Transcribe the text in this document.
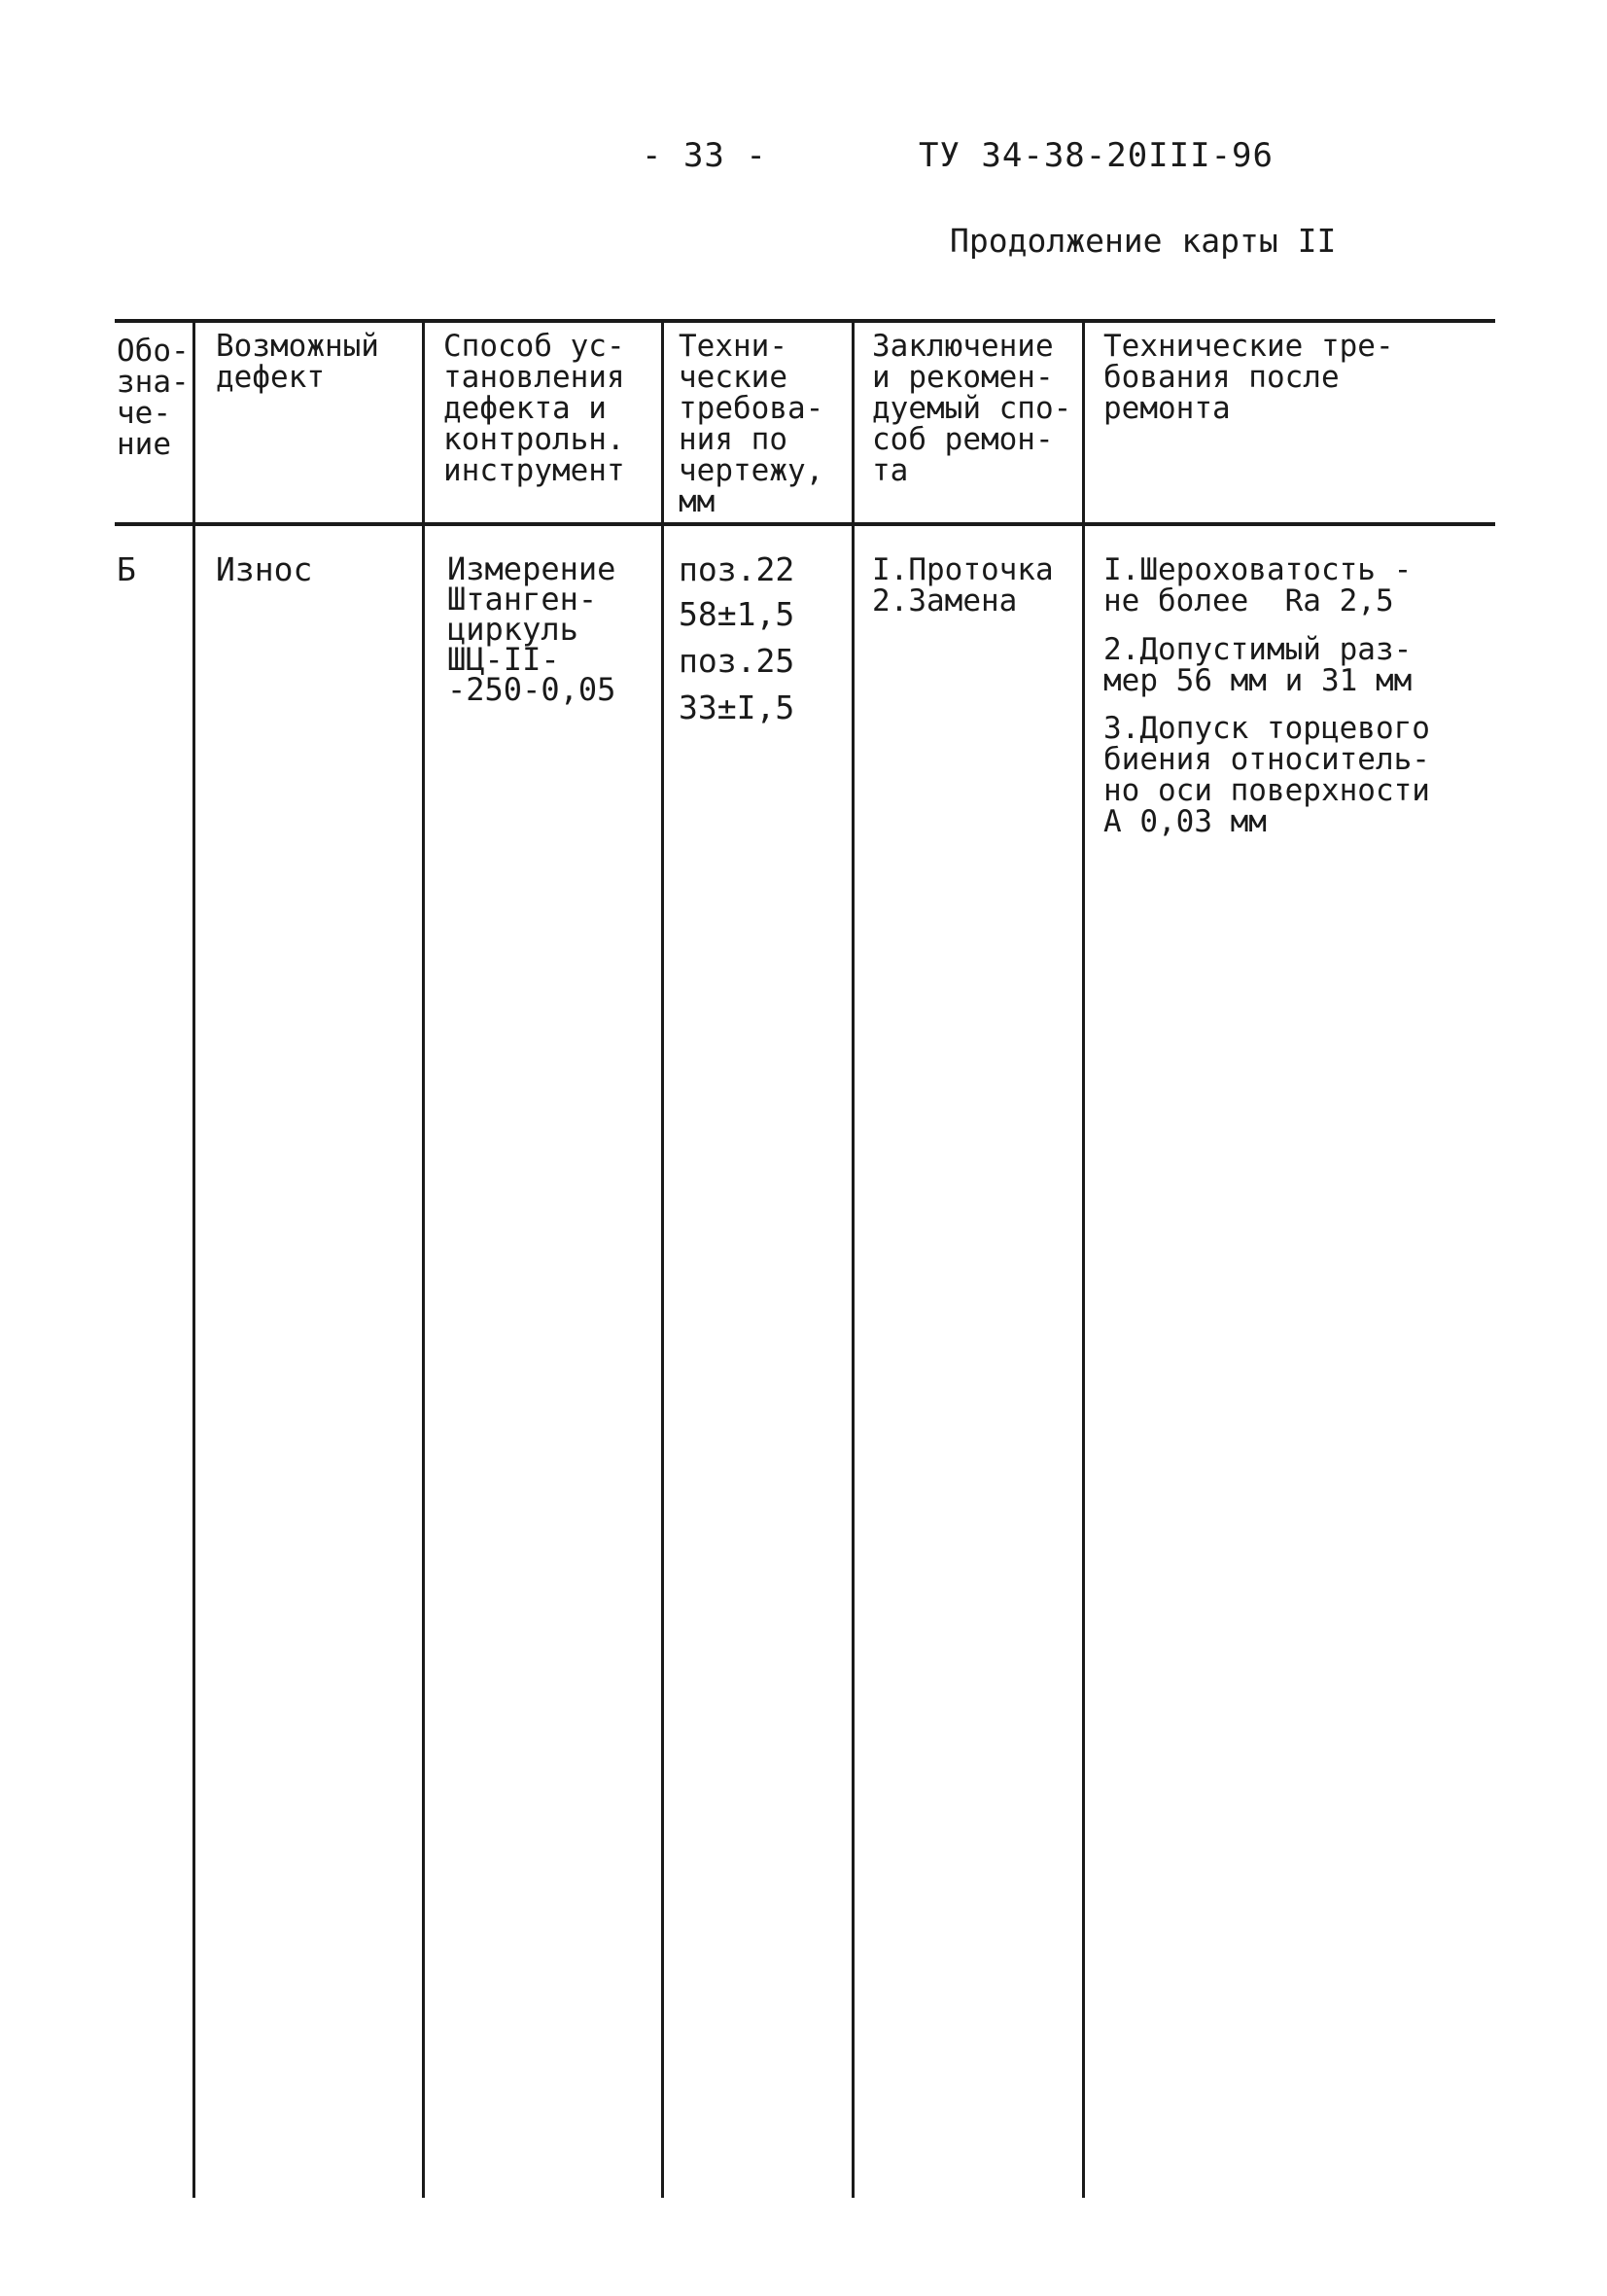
- 33 -	ТУ 34-38-20III-96
Продолжение карты II
Обо-
зна-
че-
ние
Возможный
дефект
Способ ус-
тановления
дефекта и
контрольн.
инструмент
Техни-
ческие
требова-
ния по
чертежу,
мм
Заключение
и рекомен-
дуемый спо-
соб ремон-
та
Технические тре-
бования после
ремонта
Б Износ	Измерение
Штанген-
циркуль
ШЦ-II-
-250-0,05
поз.22
58±1,5
поз.25
33±I,5
I.Проточка
2.Замена
I.Шероховатость -
не более  Ra 2,5
2.Допустимый раз-
мер 56 мм и 31 мм
3.Допуск торцевого
биения относитель-
но оси поверхности
А 0,03 мм
